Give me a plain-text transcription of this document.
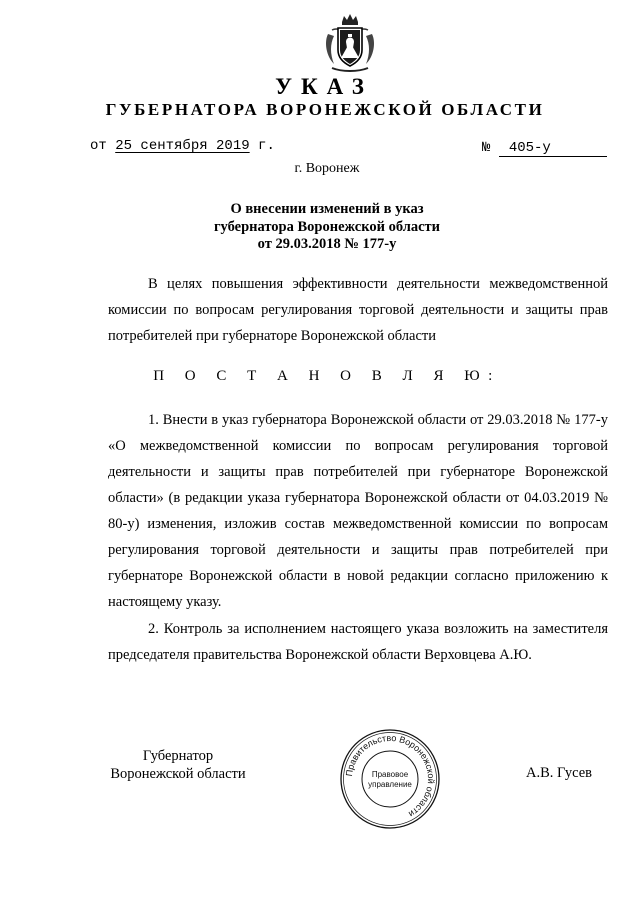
УКАЗ
ГУБЕРНАТОРА ВОРОНЕЖСКОЙ ОБЛАСТИ
от 25 сентября 2019 г.	№ 405-у
г. Воронеж
О внесении изменений в указ
губернатора Воронежской области
от 29.03.2018 № 177-у
В целях повышения эффективности деятельности межведомственной комиссии по вопросам регулирования торговой деятельности и защиты прав потребителей при губернаторе Воронежской области
П О С Т А Н О В Л Я Ю:
1. Внести в указ губернатора Воронежской области от 29.03.2018 № 177-у «О межведомственной комиссии по вопросам регулирования торговой деятельности и защиты прав потребителей при губернаторе Воронежской области» (в редакции указа губернатора Воронежской области от 04.03.2019 № 80-у) изменения, изложив состав межведомственной комиссии по вопросам регулирования торговой деятельности и защиты прав потребителей при губернаторе Воронежской области в новой редакции согласно приложению к настоящему указу.
2. Контроль за исполнением настоящего указа возложить на заместителя председателя правительства Воронежской области Верховцева А.Ю.
Губернатор
Воронежской области	Правительство Воронежской области
Правовое
управление
А.В. Гусев
